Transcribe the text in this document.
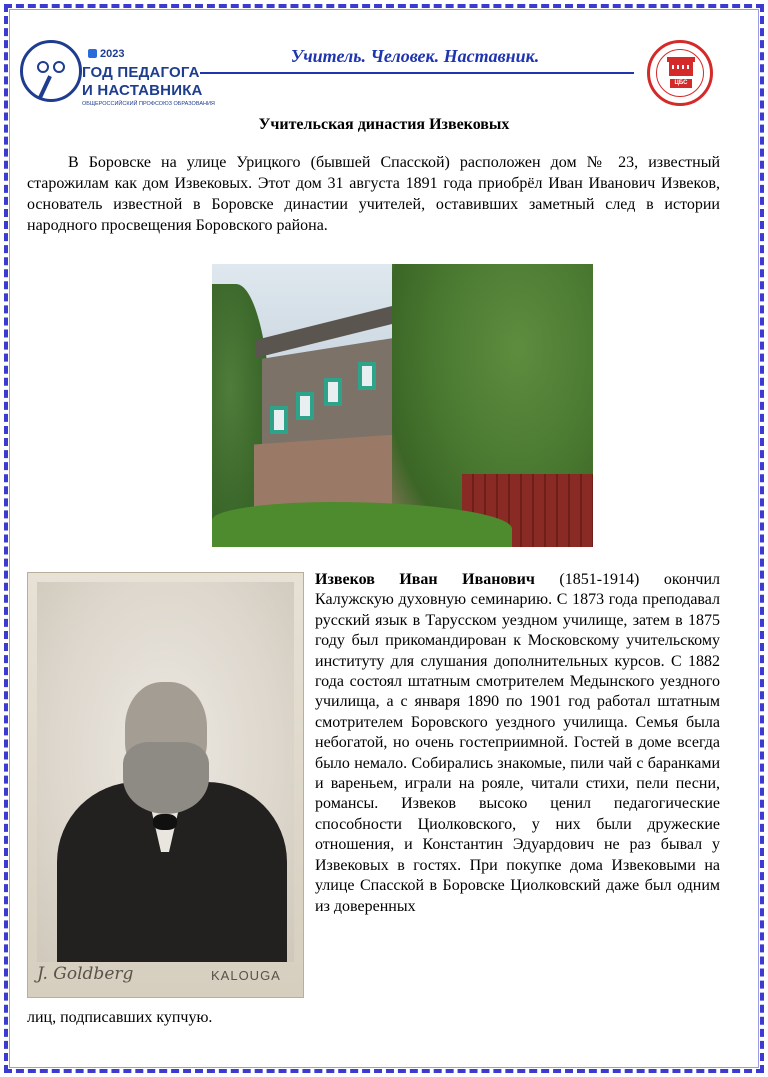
2023
ГОД ПЕДАГОГА
И НАСТАВНИКА
ОБЩЕРОССИЙСКИЙ ПРОФСОЮЗ ОБРАЗОВАНИЯ
Учитель. Человек. Наставник.
ЦБС
Учительская династия Извековых

В Боровске на улице Урицкого (бывшей Спасской) расположен дом № 23, известный старожилам как дом Извековых. Этот дом 31 августа 1891 года приобрёл Иван Иванович Извеков, основатель известной в Боровске династии учителей, оставивших заметный след в истории народного просвещения Боровского района.

J. Goldberg	KALOUGA

Извеков Иван Иванович (1851-1914) окончил Калужскую духовную семинарию. С 1873 года преподавал русский язык в Тарусском уездном училище, затем в 1875 году был прикомандирован к Московскому учительскому институту для слушания дополнительных курсов. С 1882 года состоял штатным смотрителем Медынского уездного училища, а с января 1890 по 1901 год работал штатным смотрителем Боровского уездного училища. Семья была небогатой, но очень гостеприимной. Гостей в доме всегда было немало. Собирались знакомые, пили чай с баранками и вареньем, играли на рояле, читали стихи, пели песни, романсы. Извеков высоко ценил педагогические способности Циолковского, у них были дружеские отношения, и Константин Эдуардович не раз бывал у Извековых в гостях. При покупке дома Извековыми на улице Спасской в Боровске Циолковский даже был одним из доверенных

лиц, подписавших купчую.
